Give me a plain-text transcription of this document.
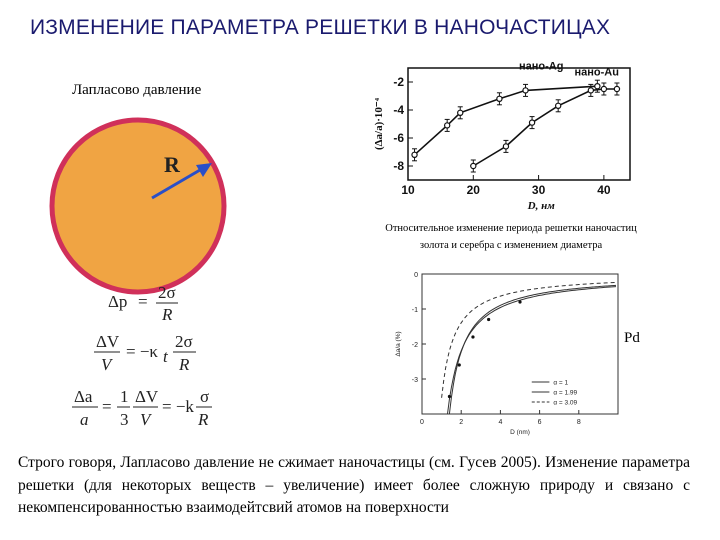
ИЗМЕНЕНИЕ ПАРАМЕТРА РЕШЕТКИ В НАНОЧАСТИЦАХ
Лапласово давление
R
Δp = 2σ
R
ΔV
V
= −κ t
2σ
R
Δa
a
=
1
3
ΔV
V
= −k
σ
R
10	20	30	40
-2
-4
-6
-8
D, нм
(Δa/a)·10⁻⁴
нано-Ag нано-Au
Относительное изменение периода решетки наночастиц золота и серебра с изменением диаметра
0	2	4	6	8
0
-1
-2
-3
D (nm)
Δa/a (%)
α = 1
α = 1.99
α = 3.09
Pd
Строго говоря, Лапласово давление не сжимает наночастицы (см. Гусев 2005). Изменение параметра решетки (для некоторых веществ – увеличение) имеет более сложную природу и связано с некомпенсированностью взаимодейтсвий атомов на поверхности
